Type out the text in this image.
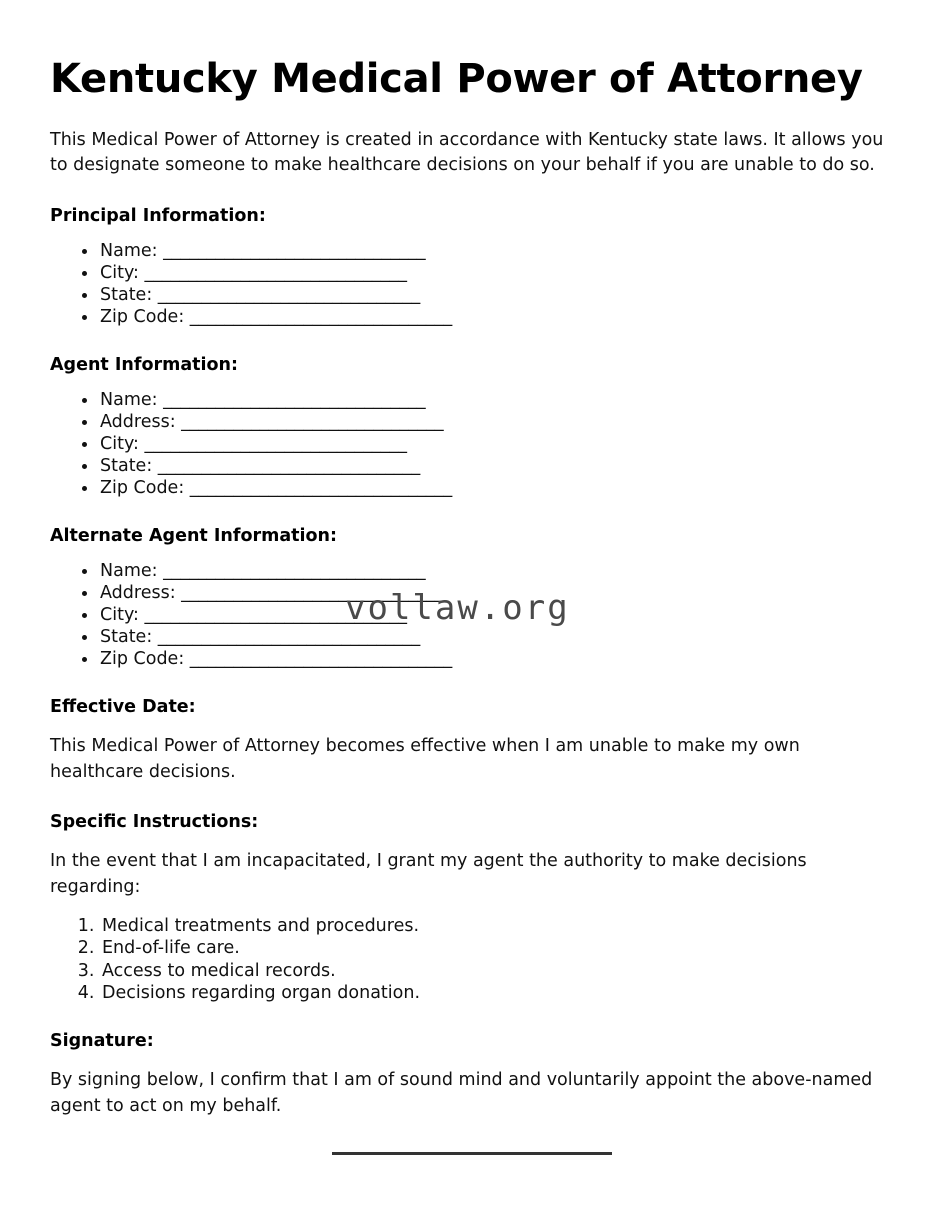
Kentucky Medical Power of Attorney

This Medical Power of Attorney is created in accordance with Kentucky state laws. It allows you to designate someone to make healthcare decisions on your behalf if you are unable to do so.

Principal Information:
• Name: ______________________________
• City: ______________________________
• State: ______________________________
• Zip Code: ______________________________
Agent Information:
• Name: ______________________________
• Address: ______________________________
• City: ______________________________
• State: ______________________________
• Zip Code: ______________________________
Alternate Agent Information:
• Name: ______________________________
• Address: ______________________________
• City: ______________________________
• State: ______________________________
• Zip Code: ______________________________
Effective Date:

This Medical Power of Attorney becomes effective when I am unable to make my own healthcare decisions.

Specific Instructions:

In the event that I am incapacitated, I grant my agent the authority to make decisions regarding:

1. Medical treatments and procedures.
2. End-of-life care.
3. Access to medical records.
4. Decisions regarding organ donation.
Signature:

By signing below, I confirm that I am of sound mind and voluntarily appoint the above-named agent to act on my behalf.

vollaw.org
